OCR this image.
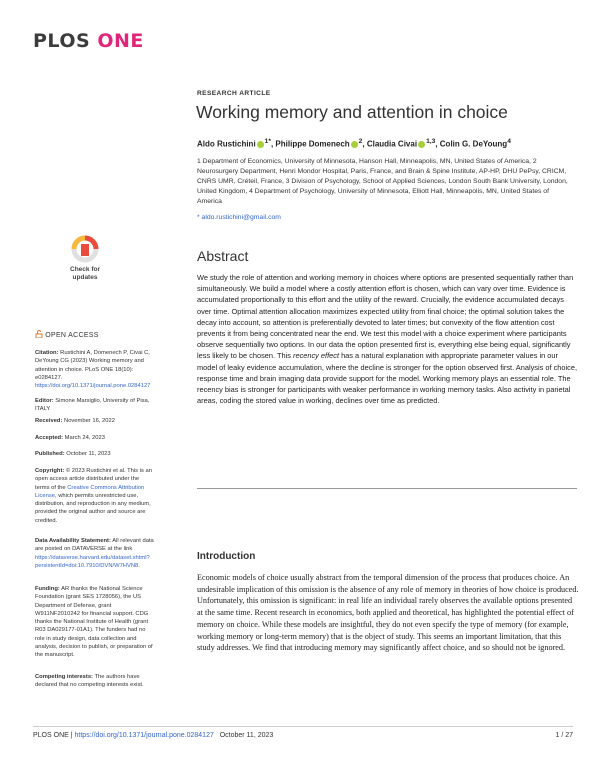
PLOS ONE
RESEARCH ARTICLE
Working memory and attention in choice
Aldo Rustichini $^{1*}$, Philippe Domenech $^2$, Claudia Civai $^{1,3}$, Colin G. DeYoung$^4$
1 Department of Economics, University of Minnesota, Hanson Hall, Minneapolis, MN, United States of America, 2 Neurosurgery Department, Henri Mondor Hospital, Paris, France, and Brain & Spine Institute, AP-HP, DHU PePsy, CRICM, CNRS UMR, Créteil, France, 3 Division of Psychology, School of Applied Sciences, London South Bank University, London, United Kingdom, 4 Department of Psychology, University of Minnesota, Elliott Hall, Minneapolis, MN, United States of America
* aldo.rustichini@gmail.com
Check for updates
OPEN ACCESS
Citation: Rustichini A, Domenech P, Civai C, DeYoung CG (2023) Working memory and attention in choice. PLoS ONE 18(10): e0284127. https://doi.org/10.1371/journal.pone.0284127
Editor: Simone Marsiglio, University of Pisa, ITALY
Received: November 16, 2022
Accepted: March 24, 2023
Published: October 11, 2023
Copyright: © 2023 Rustichini et al. This is an open access article distributed under the terms of the Creative Commons Attribution License, which permits unrestricted use, distribution, and reproduction in any medium, provided the original author and source are credited.
Data Availability Statement: All relevant data are posted on DATAVERSE at the link https://dataverse.harvard.edu/dataset.xhtml?persistentId=doi:10.7910/DVN/W7HVN8.
Funding: AR thanks the National Science Foundation (grant SES 1728056), the US Department of Defense, grant W911NF2010242 for financial support. CDG thanks the National Institute of Health (grant R03 DA029177-01A1). The funders had no role in study design, data collection and analysis, decision to publish, or preparation of the manuscript.
Competing interests: The authors have declared that no competing interests exist.
Abstract
We study the role of attention and working memory in choices where options are presented sequentially rather than simultaneously. We build a model where a costly attention effort is chosen, which can vary over time. Evidence is accumulated proportionally to this effort and the utility of the reward. Crucially, the evidence accumulated decays over time. Optimal attention allocation maximizes expected utility from final choice; the optimal solution takes the decay into account, so attention is preferentially devoted to later times; but convexity of the flow attention cost prevents it from being concentrated near the end. We test this model with a choice experiment where participants observe sequentially two options. In our data the option presented first is, everything else being equal, significantly less likely to be chosen. This recency effect has a natural explanation with appropriate parameter values in our model of leaky evidence accumulation, where the decline is stronger for the option observed first. Analysis of choice, response time and brain imaging data provide support for the model. Working memory plays an essential role. The recency bias is stronger for participants with weaker performance in working memory tasks. Also activity in parietal areas, coding the stored value in working, declines over time as predicted.
Introduction
Economic models of choice usually abstract from the temporal dimension of the process that produces choice. An undesirable implication of this omission is the absence of any role of memory in theories of how choice is produced. Unfortunately, this omission is significant: in real life an individual rarely observes the available options presented at the same time. Recent research in economics, both applied and theoretical, has highlighted the potential effect of memory on choice. While these models are insightful, they do not even specify the type of memory (for example, working memory or long-term memory) that is the object of study. This seems an important limitation, that this study addresses. We find that introducing memory may significantly affect choice, and so should not be ignored.
PLOS ONE | https://doi.org/10.1371/journal.pone.0284127 October 11, 2023	1 / 27
